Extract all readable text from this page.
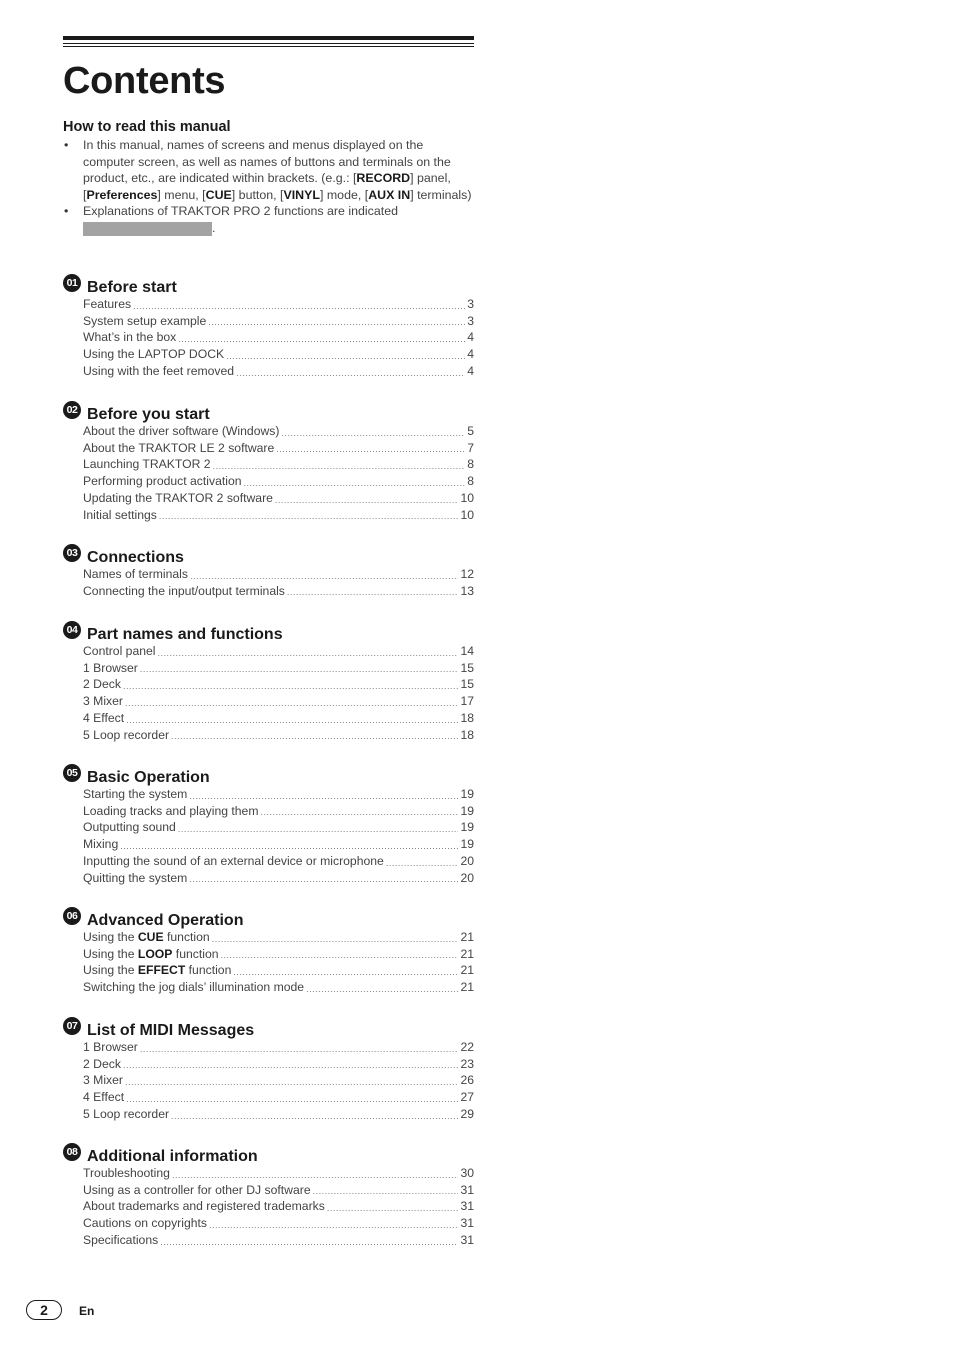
Contents
How to read this manual
• In this manual, names of screens and menus displayed on the computer screen, as well as names of buttons and terminals on the product, etc., are indicated within brackets. (e.g.: [RECORD] panel, [Preferences] menu, [CUE] button, [VINYL] mode, [AUX IN] terminals)
• Explanations of TRAKTOR PRO 2 functions are indicated
.
01 Before start
Features .....	3
System setup example .....	3
What’s in the box .....	4
Using the LAPTOP DOCK .....	4
Using with the feet removed .....	4
02 Before you start
About the driver software (Windows) .....	5
About the TRAKTOR LE 2 software .....	7
Launching TRAKTOR 2 .....	8
Performing product activation .....	8
Updating the TRAKTOR 2 software .....	10
Initial settings .....	10
03 Connections
Names of terminals .....	12
Connecting the input/output terminals .....	13
04 Part names and functions
Control panel .....	14
1 Browser .....	15
2 Deck .....	15
3 Mixer .....	17
4 Effect .....	18
5 Loop recorder .....	18
05 Basic Operation
Starting the system .....	19
Loading tracks and playing them .....	19
Outputting sound .....	19
Mixing .....	19
Inputting the sound of an external device or microphone .....	20
Quitting the system .....	20
06 Advanced Operation
Using the CUE function .....	21
Using the LOOP function .....	21
Using the EFFECT function .....	21
Switching the jog dials’ illumination mode .....	21
07 List of MIDI Messages
1 Browser .....	22
2 Deck .....	23
3 Mixer .....	26
4 Effect .....	27
5 Loop recorder .....	29
08 Additional information
Troubleshooting .....	30
Using as a controller for other DJ software .....	31
About trademarks and registered trademarks .....	31
Cautions on copyrights .....	31
Specifications .....	31
2	En
